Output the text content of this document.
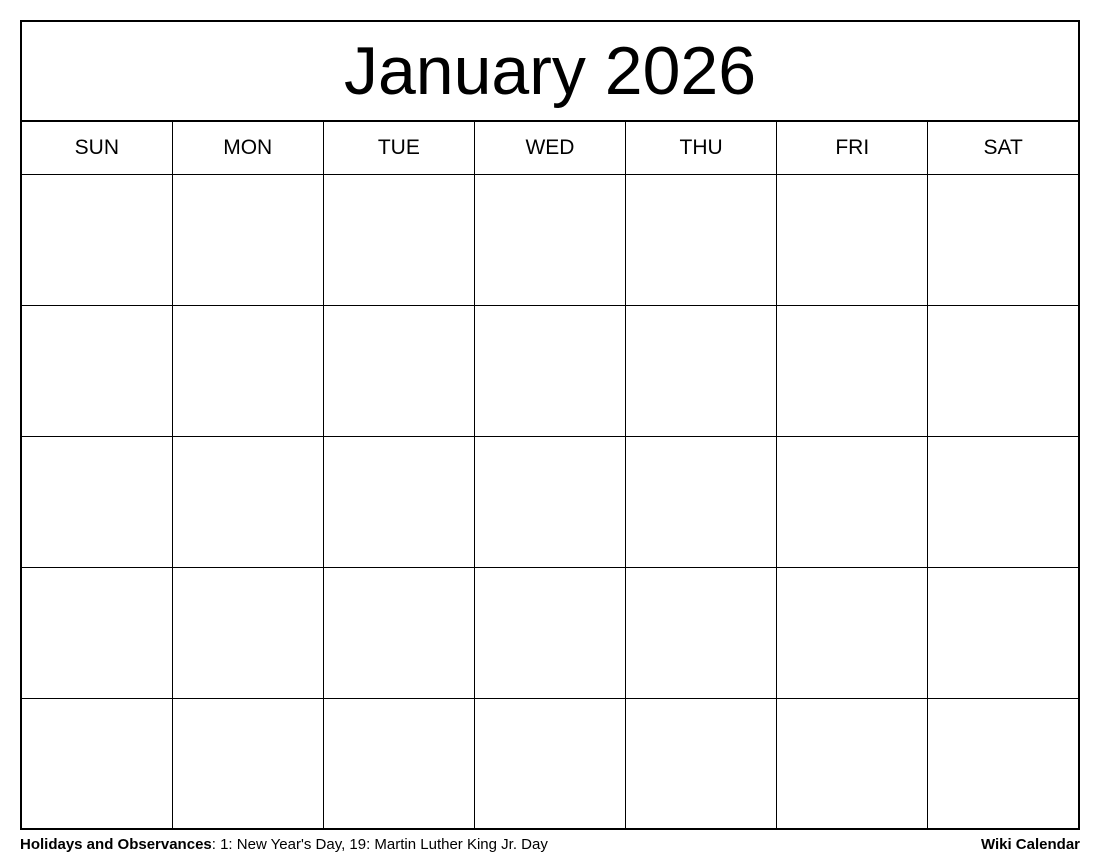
January 2026						
SUN	MON	TUE	WED	THU	FRI	SAT

Holidays and Observances: 1: New Year's Day, 19: Martin Luther King Jr. Day	Wiki Calendar
